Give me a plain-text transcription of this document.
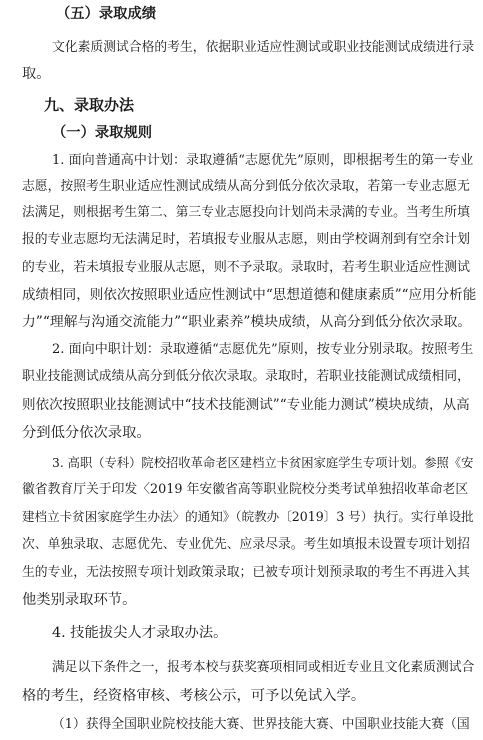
（五）录取成绩

文化素质测试合格的考生，依据职业适应性测试或职业技能测试成绩进行录

取。

九、录取办法

（一）录取规则

1. 面向普通高中计划：录取遵循“志愿优先”原则，即根据考生的第一专业

志愿，按照考生职业适应性测试成绩从高分到低分依次录取，若第一专业志愿无

法满足，则根据考生第二、第三专业志愿投向计划尚未录满的专业。当考生所填

报的专业志愿均无法满足时，若填报专业服从志愿，则由学校调剂到有空余计划

的专业，若未填报专业服从志愿，则不予录取。录取时，若考生职业适应性测试

成绩相同，则依次按照职业适应性测试中“思想道德和健康素质”“应用分析能

力”“理解与沟通交流能力”“职业素养”模块成绩，从高分到低分依次录取。

2. 面向中职计划：录取遵循“志愿优先”原则，按专业分别录取。按照考生

职业技能测试成绩从高分到低分依次录取。录取时，若职业技能测试成绩相同，

则依次按照职业技能测试中“技术技能测试”“专业能力测试”模块成绩，从高

分到低分依次录取。

3. 高职（专科）院校招收革命老区建档立卡贫困家庭学生专项计划。参照《安

徽省教育厅关于印发〈2019 年安徽省高等职业院校分类考试单独招收革命老区

建档立卡贫困家庭学生办法〉的通知》（皖教办〔2019〕3 号）执行。实行单设批

次、单独录取、志愿优先、专业优先、应录尽录。考生如填报未设置专项计划招

生的专业，无法按照专项计划政策录取；已被专项计划预录取的考生不再进入其

他类别录取环节。

4. 技能拔尖人才录取办法。

满足以下条件之一，报考本校与获奖赛项相同或相近专业且文化素质测试合

格的考生，经资格审核、考核公示，可予以免试入学。

（1）获得全国职业院校技能大赛、世界技能大赛、中国职业技能大赛（国
